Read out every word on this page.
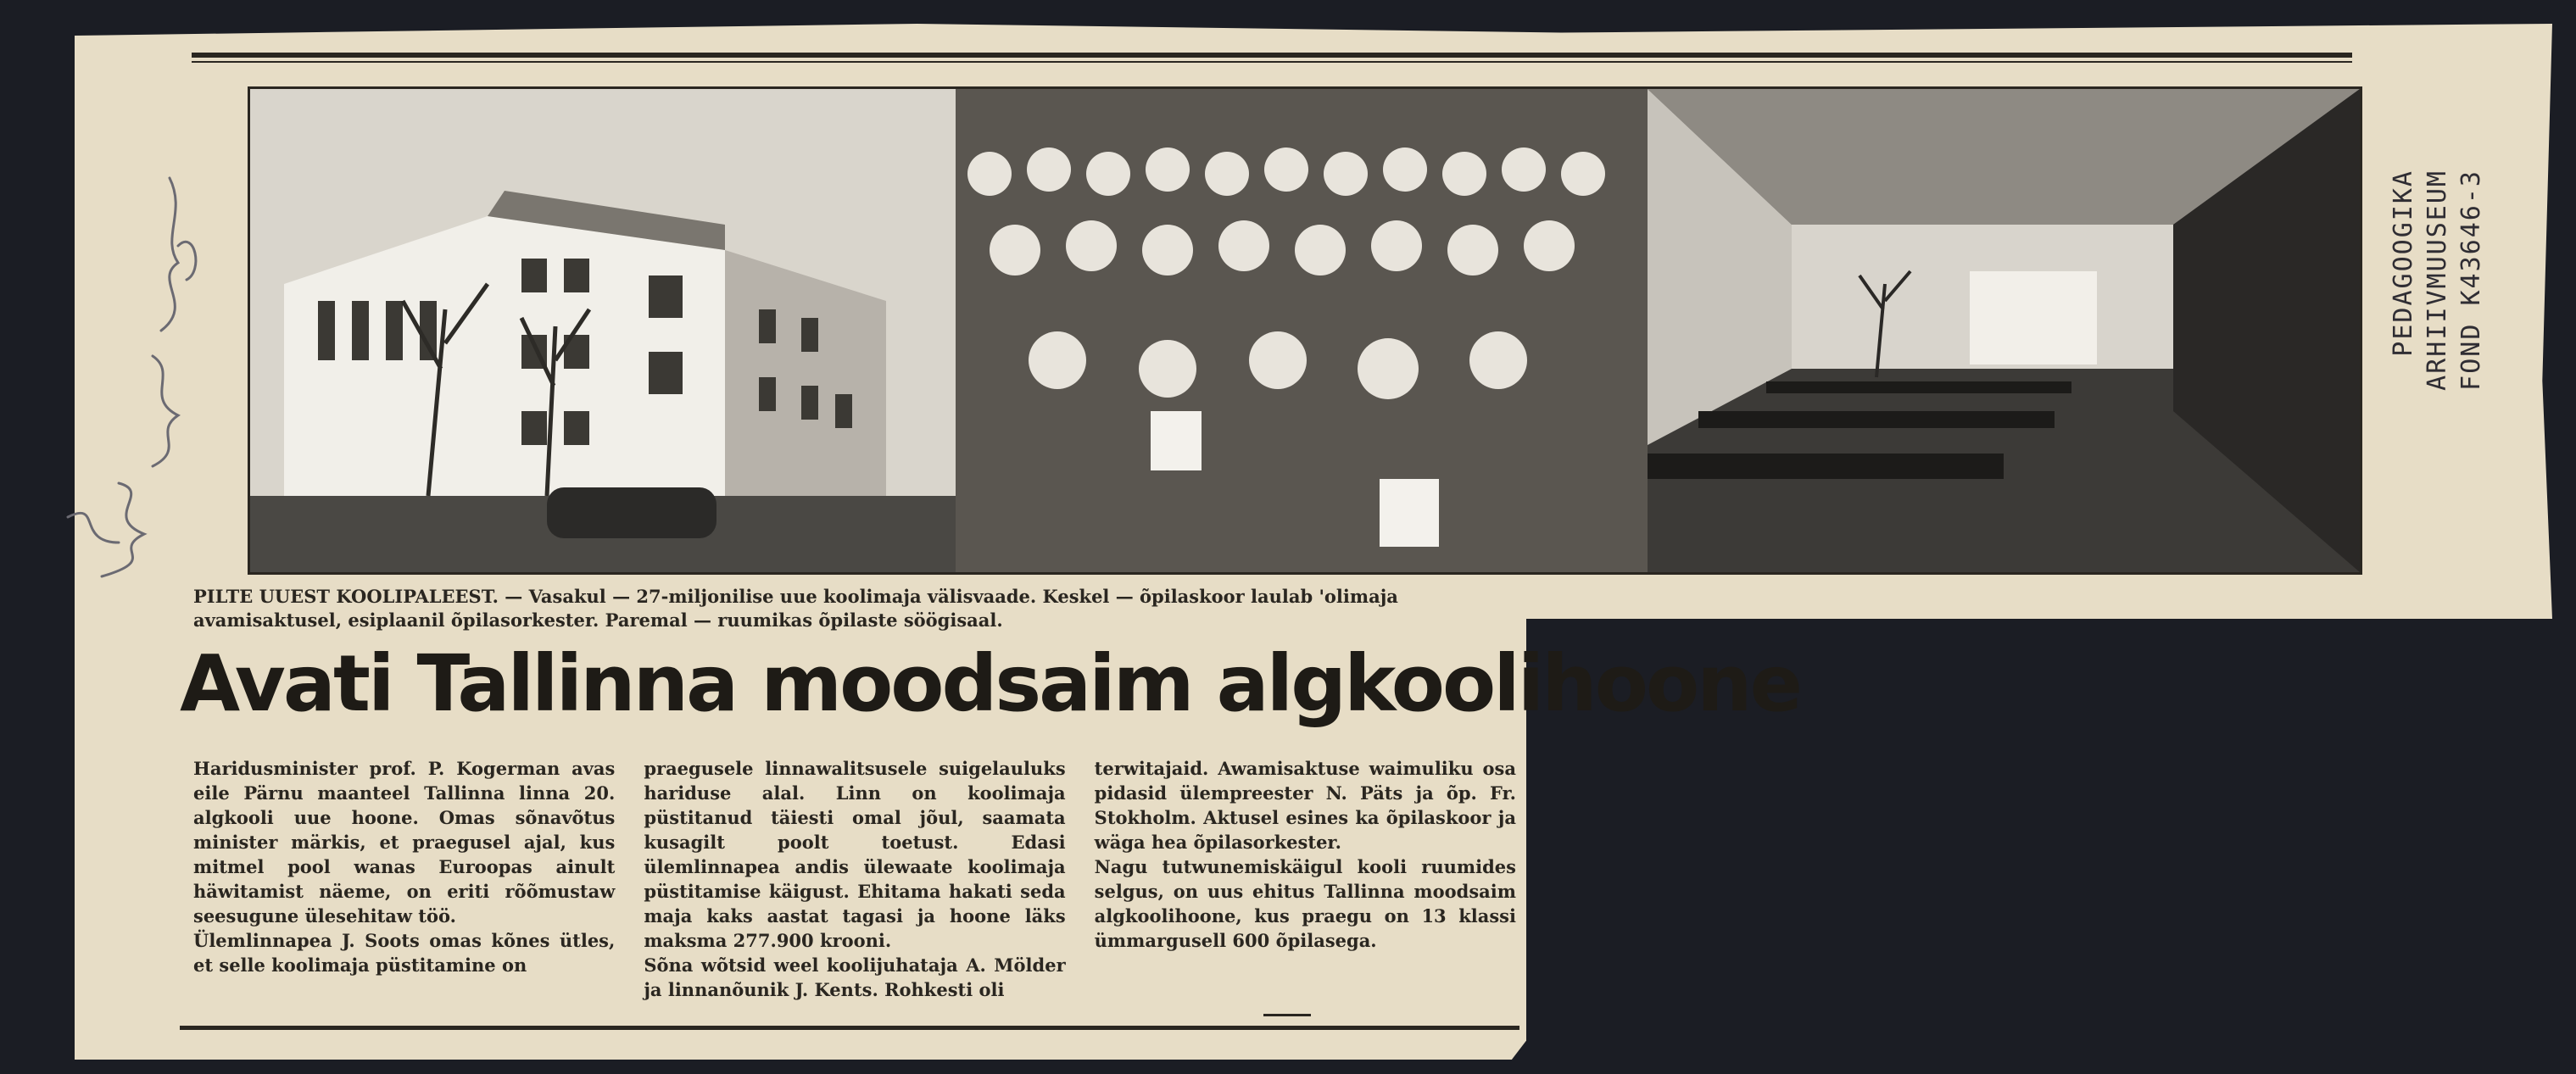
PEDAGOOGIKA ARHIIVMUUSEUM FOND K43646-3
PILTE UUEST KOOLIPALEEST. — Vasakul — 27-miljonilise uue koolimaja välisvaade. Keskel — õpilaskoor laulab 'olimaja avamisaktusel, esiplaanil õpilasorkester. Paremal — ruumikas õpilaste söögisaal.
Avati Tallinna moodsaim algkoolihoone

Haridusminister prof. P. Kogerman avas eile Pärnu maanteel Tallinna linna 20. algkooli uue hoone. Omas sõnavõtus minister märkis, et praegusel ajal, kus mitmel pool wanas Euroopas ainult häwitamist näeme, on eriti rõõmustaw seesugune ülesehitaw töö.

Ülemlinnapea J. Soots omas kõnes ütles, et selle koolimaja püstitamine on

praegusele linnawalitsusele suigelauluks hariduse alal. Linn on koolimaja püstitanud täiesti omal jõul, saamata kusagilt poolt toetust. Edasi ülemlinnapea andis ülewaate koolimaja püstitamise käigust. Ehitama hakati seda maja kaks aastat tagasi ja hoone läks maksma 277.900 krooni.

Sõna wõtsid weel koolijuhataja A. Mölder ja linnanõunik J. Kents. Rohkesti oli

terwitajaid. Awamisaktuse waimuliku osa pidasid ülempreester N. Päts ja õp. Fr. Stokholm. Aktusel esines ka õpilaskoor ja wäga hea õpilasorkester.

Nagu tutwunemiskäigul kooli ruumides selgus, on uus ehitus Tallinna moodsaim algkoolihoone, kus praegu on 13 klassi ümmargusell 600 õpilasega.
